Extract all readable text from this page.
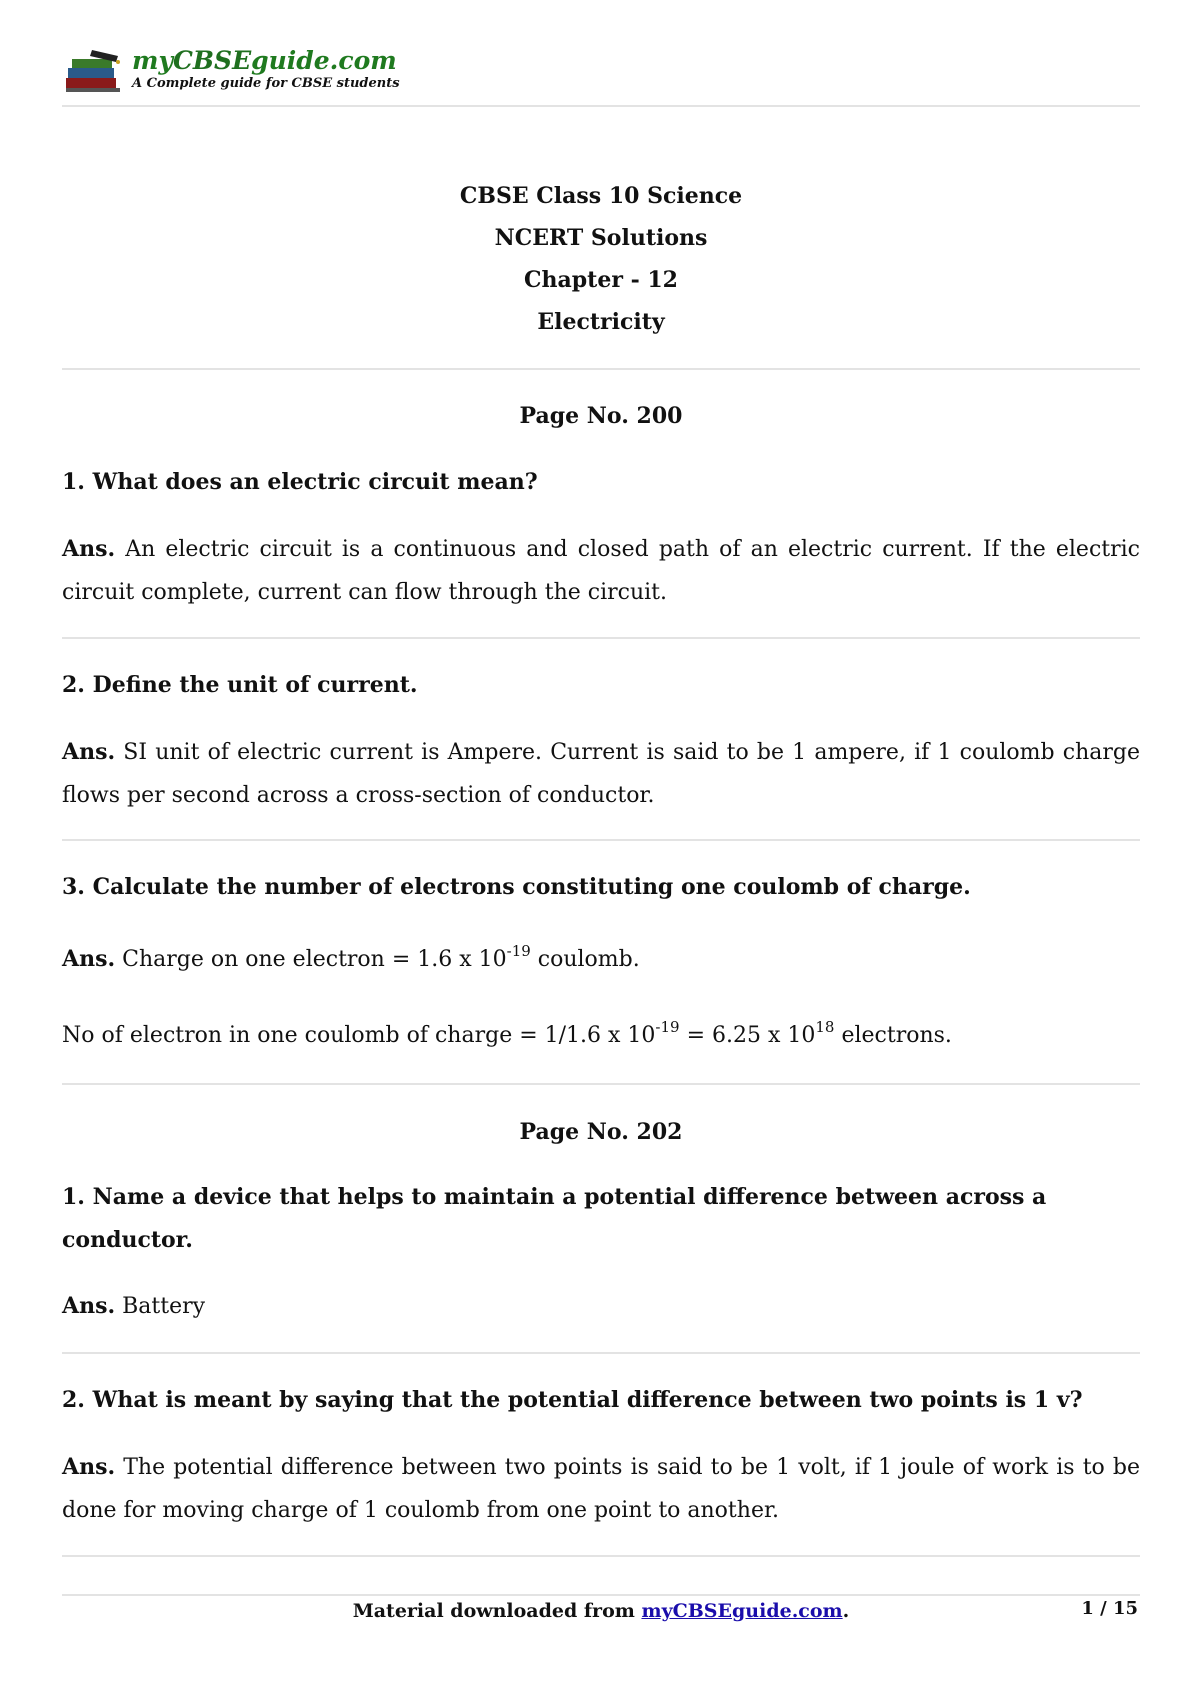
myCBSEguide.com
A Complete guide for CBSE students
CBSE Class 10 Science
NCERT Solutions
Chapter - 12
Electricity
Page No. 200
1. What does an electric circuit mean?
Ans. An electric circuit is a continuous and closed path of an electric current. If the electric circuit complete, current can flow through the circuit.
2. Define the unit of current.
Ans. SI unit of electric current is Ampere. Current is said to be 1 ampere, if 1 coulomb charge flows per second across a cross-section of conductor.
3. Calculate the number of electrons constituting one coulomb of charge.
Ans. Charge on one electron = 1.6 x $10^{-19}$ coulomb.
No of electron in one coulomb of charge = 1/1.6 x $10^{-19} = 6.25$ x $10^{18}$ electrons.
Page No. 202
1. Name a device that helps to maintain a potential difference between across a conductor.
Ans. Battery
2. What is meant by saying that the potential difference between two points is 1 v?
Ans. The potential difference between two points is said to be 1 volt, if 1 joule of work is to be done for moving charge of 1 coulomb from one point to another.
Material downloaded from myCBSEguide.com.	1 / 15
